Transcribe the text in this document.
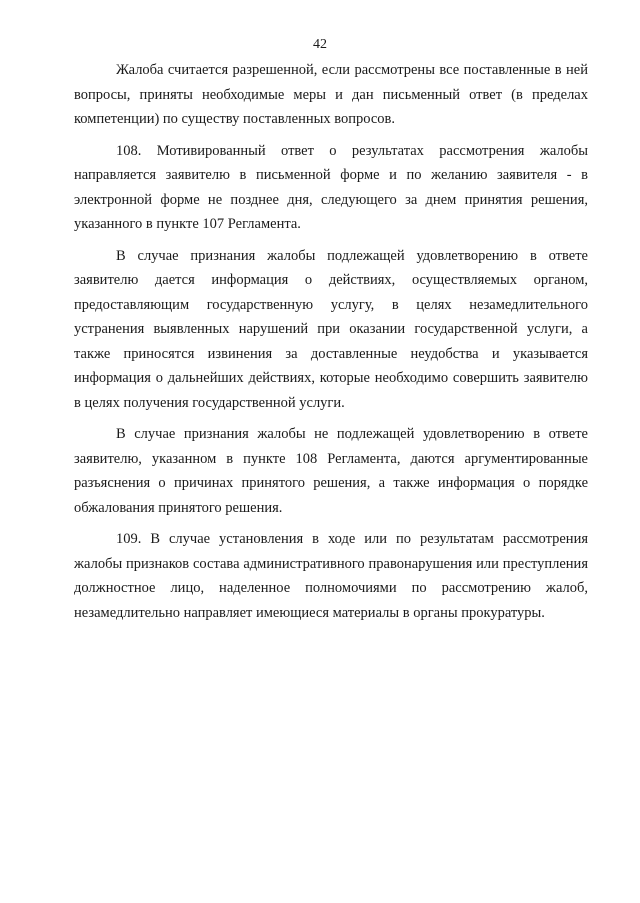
42

Жалоба считается разрешенной, если рассмотрены все поставленные в ней вопросы, приняты необходимые меры и дан письменный ответ (в пределах компетенции) по существу поставленных вопросов.

108. Мотивированный ответ о результатах рассмотрения жалобы направляется заявителю в письменной форме и по желанию заявителя - в электронной форме не позднее дня, следующего за днем принятия решения, указанного в пункте 107 Регламента.

В случае признания жалобы подлежащей удовлетворению в ответе заявителю дается информация о действиях, осуществляемых органом, предоставляющим государственную услугу, в целях незамедлительного устранения выявленных нарушений при оказании государственной услуги, а также приносятся извинения за доставленные неудобства и указывается информация о дальнейших действиях, которые необходимо совершить заявителю в целях получения государственной услуги.

В случае признания жалобы не подлежащей удовлетворению в ответе заявителю, указанном в пункте 108 Регламента, даются аргументированные разъяснения о причинах принятого решения, а также информация о порядке обжалования принятого решения.

109. В случае установления в ходе или по результатам рассмотрения жалобы признаков состава административного правонарушения или преступления должностное лицо, наделенное полномочиями по рассмотрению жалоб, незамедлительно направляет имеющиеся материалы в органы прокуратуры.
